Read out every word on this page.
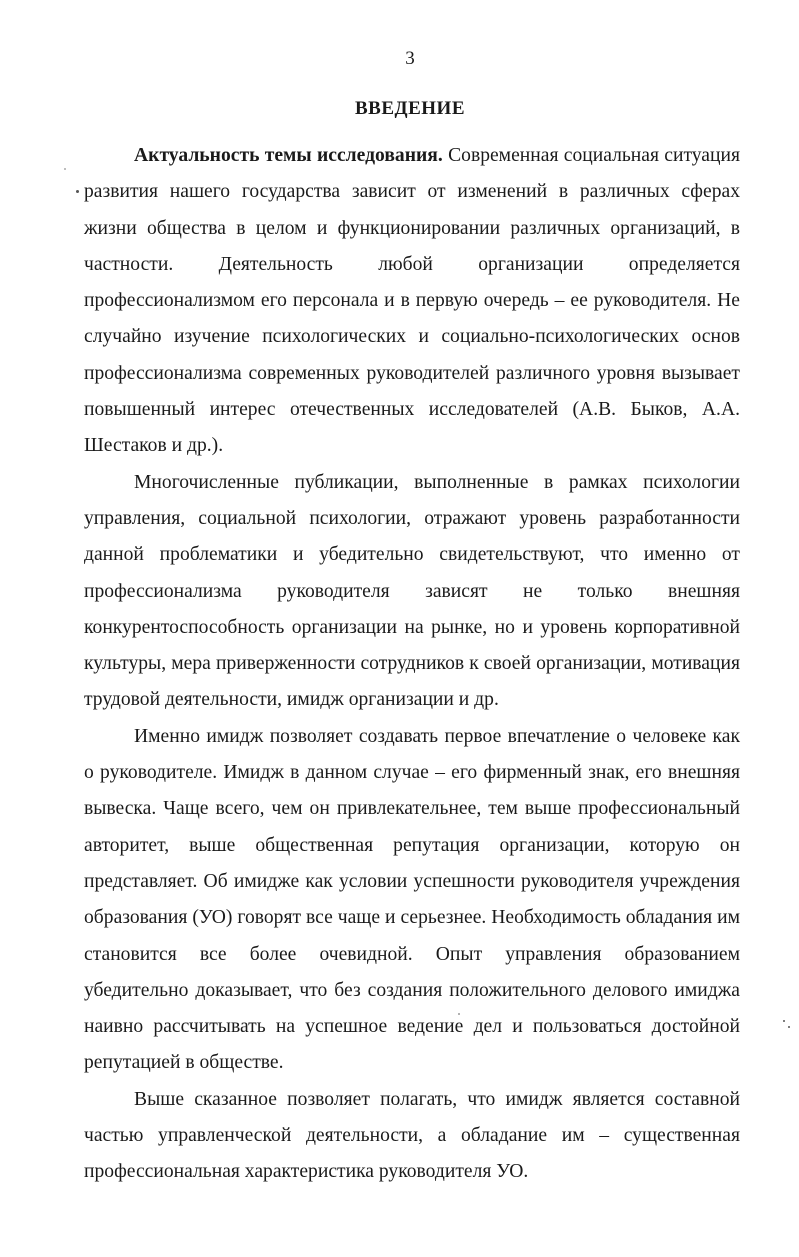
3
ВВЕДЕНИЕ

Актуальность темы исследования. Современная социальная ситуация развития нашего государства зависит от изменений в различных сферах жизни общества в целом и функционировании различных организаций, в частности. Деятельность любой организации определяется профессионализмом его персонала и в первую очередь – ее руководителя. Не случайно изучение психологических и социально-психологических основ профессионализма современных руководителей различного уровня вызывает повышенный интерес отечественных исследователей (А.В. Быков, А.А. Шестаков и др.).

Многочисленные публикации, выполненные в рамках психологии управления, социальной психологии, отражают уровень разработанности данной проблематики и убедительно свидетельствуют, что именно от профессионализма руководителя зависят не только внешняя конкурентоспособность организации на рынке, но и уровень корпоративной культуры, мера приверженности сотрудников к своей организации, мотивация трудовой деятельности, имидж организации и др.

Именно имидж позволяет создавать первое впечатление о человеке как о руководителе. Имидж в данном случае – его фирменный знак, его внешняя вывеска. Чаще всего, чем он привлекательнее, тем выше профессиональный авторитет, выше общественная репутация организации, которую он представляет. Об имидже как условии успешности руководителя учреждения образования (УО) говорят все чаще и серьезнее. Необходимость обладания им становится все более очевидной. Опыт управления образованием убедительно доказывает, что без создания положительного делового имиджа наивно рассчитывать на успешное ведение дел и пользоваться достойной репутацией в обществе.

Выше сказанное позволяет полагать, что имидж является составной частью управленческой деятельности, а обладание им – существенная профессиональная характеристика руководителя УО.
